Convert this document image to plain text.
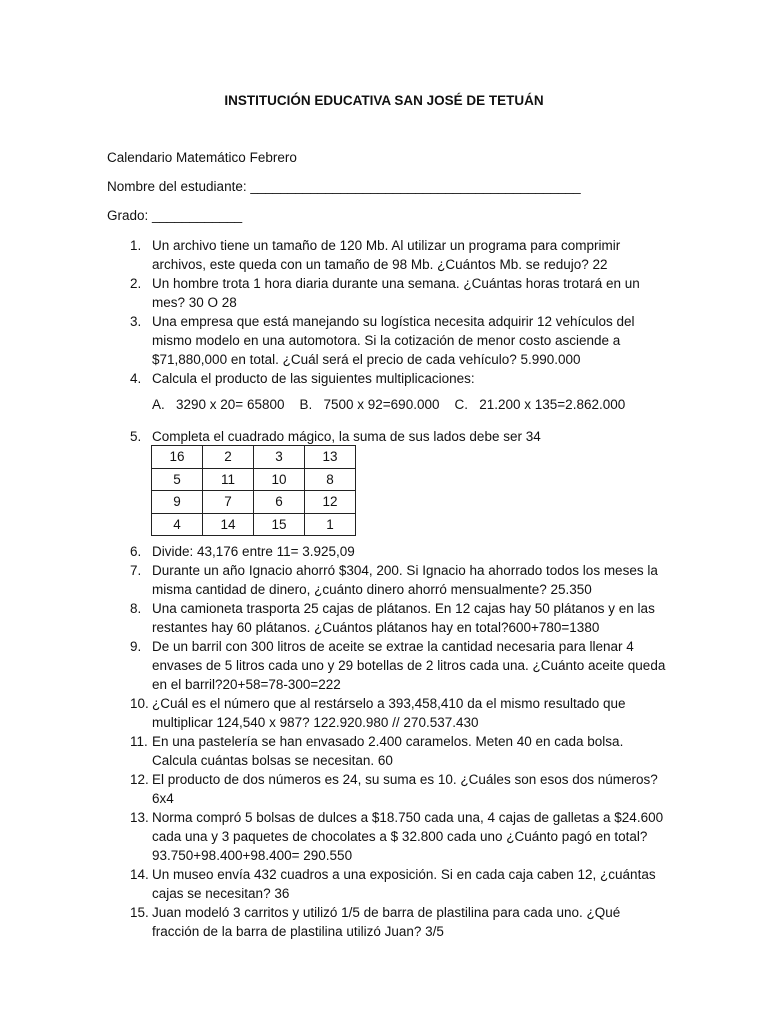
INSTITUCIÓN EDUCATIVA SAN JOSÉ DE TETUÁN
Calendario Matemático Febrero
Nombre del estudiante: ____________________________________________
Grado: ____________
1. Un archivo tiene un tamaño de 120 Mb. Al utilizar un programa para comprimir archivos, este queda con un tamaño de 98 Mb. ¿Cuántos Mb. se redujo? 22
2. Un hombre trota 1 hora diaria durante una semana. ¿Cuántas horas trotará en un mes? 30 O 28
3. Una empresa que está manejando su logística necesita adquirir 12 vehículos del mismo modelo en una automotora. Si la cotización de menor costo asciende a $71,880,000 en total. ¿Cuál será el precio de cada vehículo? 5.990.000
4. Calcula el producto de las siguientes multiplicaciones:
A.   3290 x 20= 65800    B.   7500 x 92=690.000    C.   21.200 x 135=2.862.000
5. Completa el cuadrado mágico, la suma de sus lados debe ser 34
16	2	3	13
5	11	10	8
9	7	6	12
4	14	15	1
6. Divide: 43,176 entre 11= 3.925,09
7. Durante un año Ignacio ahorró $304, 200. Si Ignacio ha ahorrado todos los meses la misma cantidad de dinero, ¿cuánto dinero ahorró mensualmente? 25.350
8. Una camioneta trasporta 25 cajas de plátanos. En 12 cajas hay 50 plátanos y en las restantes hay 60 plátanos. ¿Cuántos plátanos hay en total?600+780=1380
9. De un barril con 300 litros de aceite se extrae la cantidad necesaria para llenar 4 envases de 5 litros cada uno y 29 botellas de 2 litros cada una. ¿Cuánto aceite queda en el barril?20+58=78-300=222
10. ¿Cuál es el número que al restárselo a 393,458,410 da el mismo resultado que multiplicar 124,540 x 987? 122.920.980 // 270.537.430
11. En una pastelería se han envasado 2.400 caramelos. Meten 40 en cada bolsa. Calcula cuántas bolsas se necesitan. 60
12. El producto de dos números es 24, su suma es 10. ¿Cuáles son esos dos números? 6x4
13. Norma compró 5 bolsas de dulces a $18.750 cada una, 4 cajas de galletas a $24.600 cada una y 3 paquetes de chocolates a $ 32.800 cada uno ¿Cuánto pagó en total? 93.750+98.400+98.400= 290.550
14. Un museo envía 432 cuadros a una exposición. Si en cada caja caben 12, ¿cuántas cajas se necesitan? 36
15. Juan modeló 3 carritos y utilizó 1/5 de barra de plastilina para cada uno. ¿Qué fracción de la barra de plastilina utilizó Juan? 3/5
